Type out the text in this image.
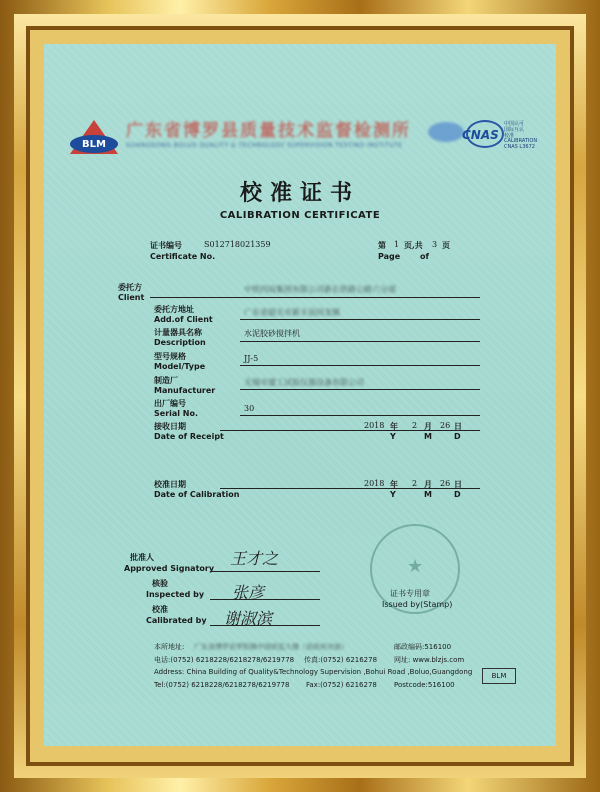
BLM
广东省博罗县质量技术监督检测所
GUANGDONG BOLUO QUALITY & TECHNOLOGY SUPERVISION TESTING INSTITUTE
CNAS
中国认可
国际互认
校准
CALIBRATION
CNAS L3672
校准证书
CALIBRATION CERTIFICATE
证书编号
Certificate No.
S012718021359	第 1 页,共 3 页
Page of
委托方
Client
中铁四局集团有限公司新长铁路公路六分部
委托方地址
Add.of Client
广东省韶关市新丰县回龙镇
计量器具名称
Description
水泥胶砂搅拌机
型号规格
Model/Type
JJ-5
制造厂
Manufacturer
无锡市建工试验仪器设备有限公司
出厂编号
Serial No.
30
接收日期
Date of Receipt
2018 年 2 月 26 日
Y	M	D
校准日期
Date of Calibration
2018 年 2 月 26 日
Y	M	D
批准人
Approved Signatory
王才之
核验
Inspected by 张彦
校准
Calibrated by 谢淑滨
★
证书专用章
Issued by(Stamp)
本所地址: 广东省博罗县罗阳镇中国质监大楼（县政府对面）	邮政编码:516100
电话:(0752) 6218228/6218278/6219778 传真:(0752) 6216278 网址: www.blzjs.com
Address: China Building of Quality&Technology Supervision ,Bohui Road ,Boluo,Guangdong
Tel:(0752) 6218228/6218278/6219778 Fax:(0752) 6216278 Postcode:516100
BLM
